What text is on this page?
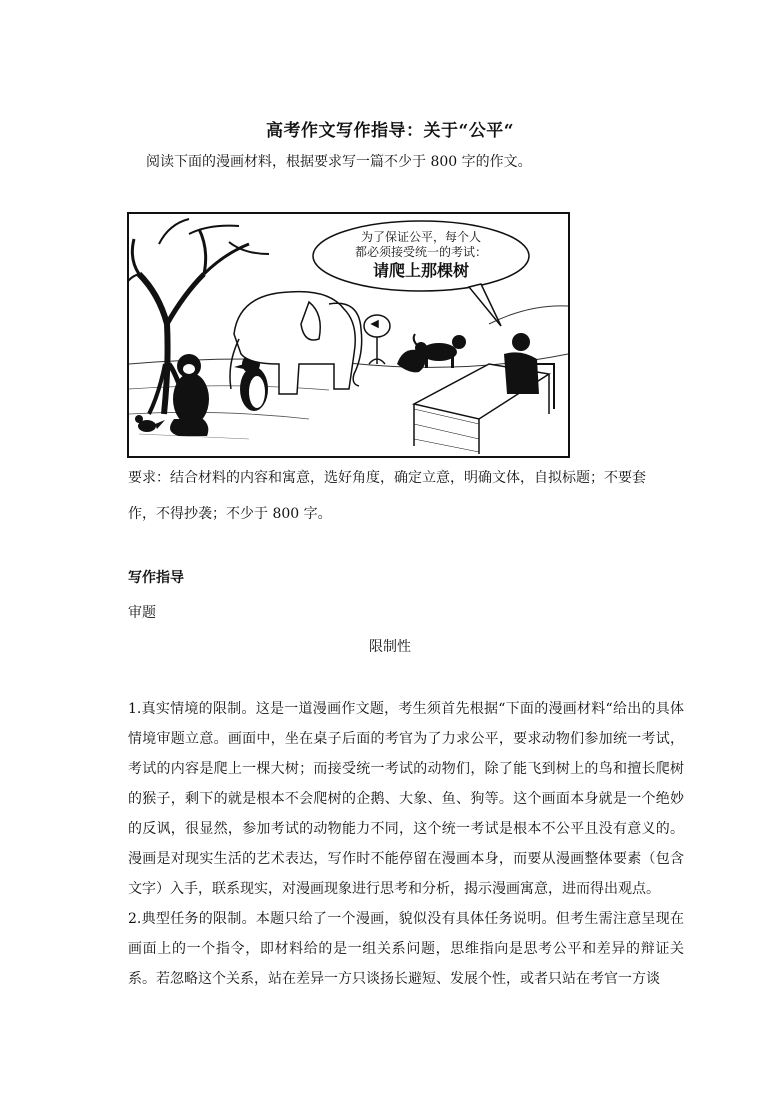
高考作文写作指导：关于“公平“
阅读下面的漫画材料，根据要求写一篇不少于 800 字的作文。
为了保证公平，每个人
都必须接受统一的考试：
请爬上那棵树
要求：结合材料的内容和寓意，选好角度，确定立意，明确文体，自拟标题；不要套
作，不得抄袭；不少于 800 字。
写作指导
审题
限制性
1.真实情境的限制。这是一道漫画作文题，考生须首先根据“下面的漫画材料“给出的具体情境审题立意。画面中，坐在桌子后面的考官为了力求公平，要求动物们参加统一考试，考试的内容是爬上一棵大树；而接受统一考试的动物们，除了能飞到树上的鸟和擅长爬树的猴子，剩下的就是根本不会爬树的企鹅、大象、鱼、狗等。这个画面本身就是一个绝妙的反讽，很显然，参加考试的动物能力不同，这个统一考试是根本不公平且没有意义的。漫画是对现实生活的艺术表达，写作时不能停留在漫画本身，而要从漫画整体要素（包含文字）入手，联系现实，对漫画现象进行思考和分析，揭示漫画寓意，进而得出观点。
2.典型任务的限制。本题只给了一个漫画，貌似没有具体任务说明。但考生需注意呈现在画面上的一个指令，即材料给的是一组关系问题，思维指向是思考公平和差异的辩证关系。若忽略这个关系，站在差异一方只谈扬长避短、发展个性，或者只站在考官一方谈
